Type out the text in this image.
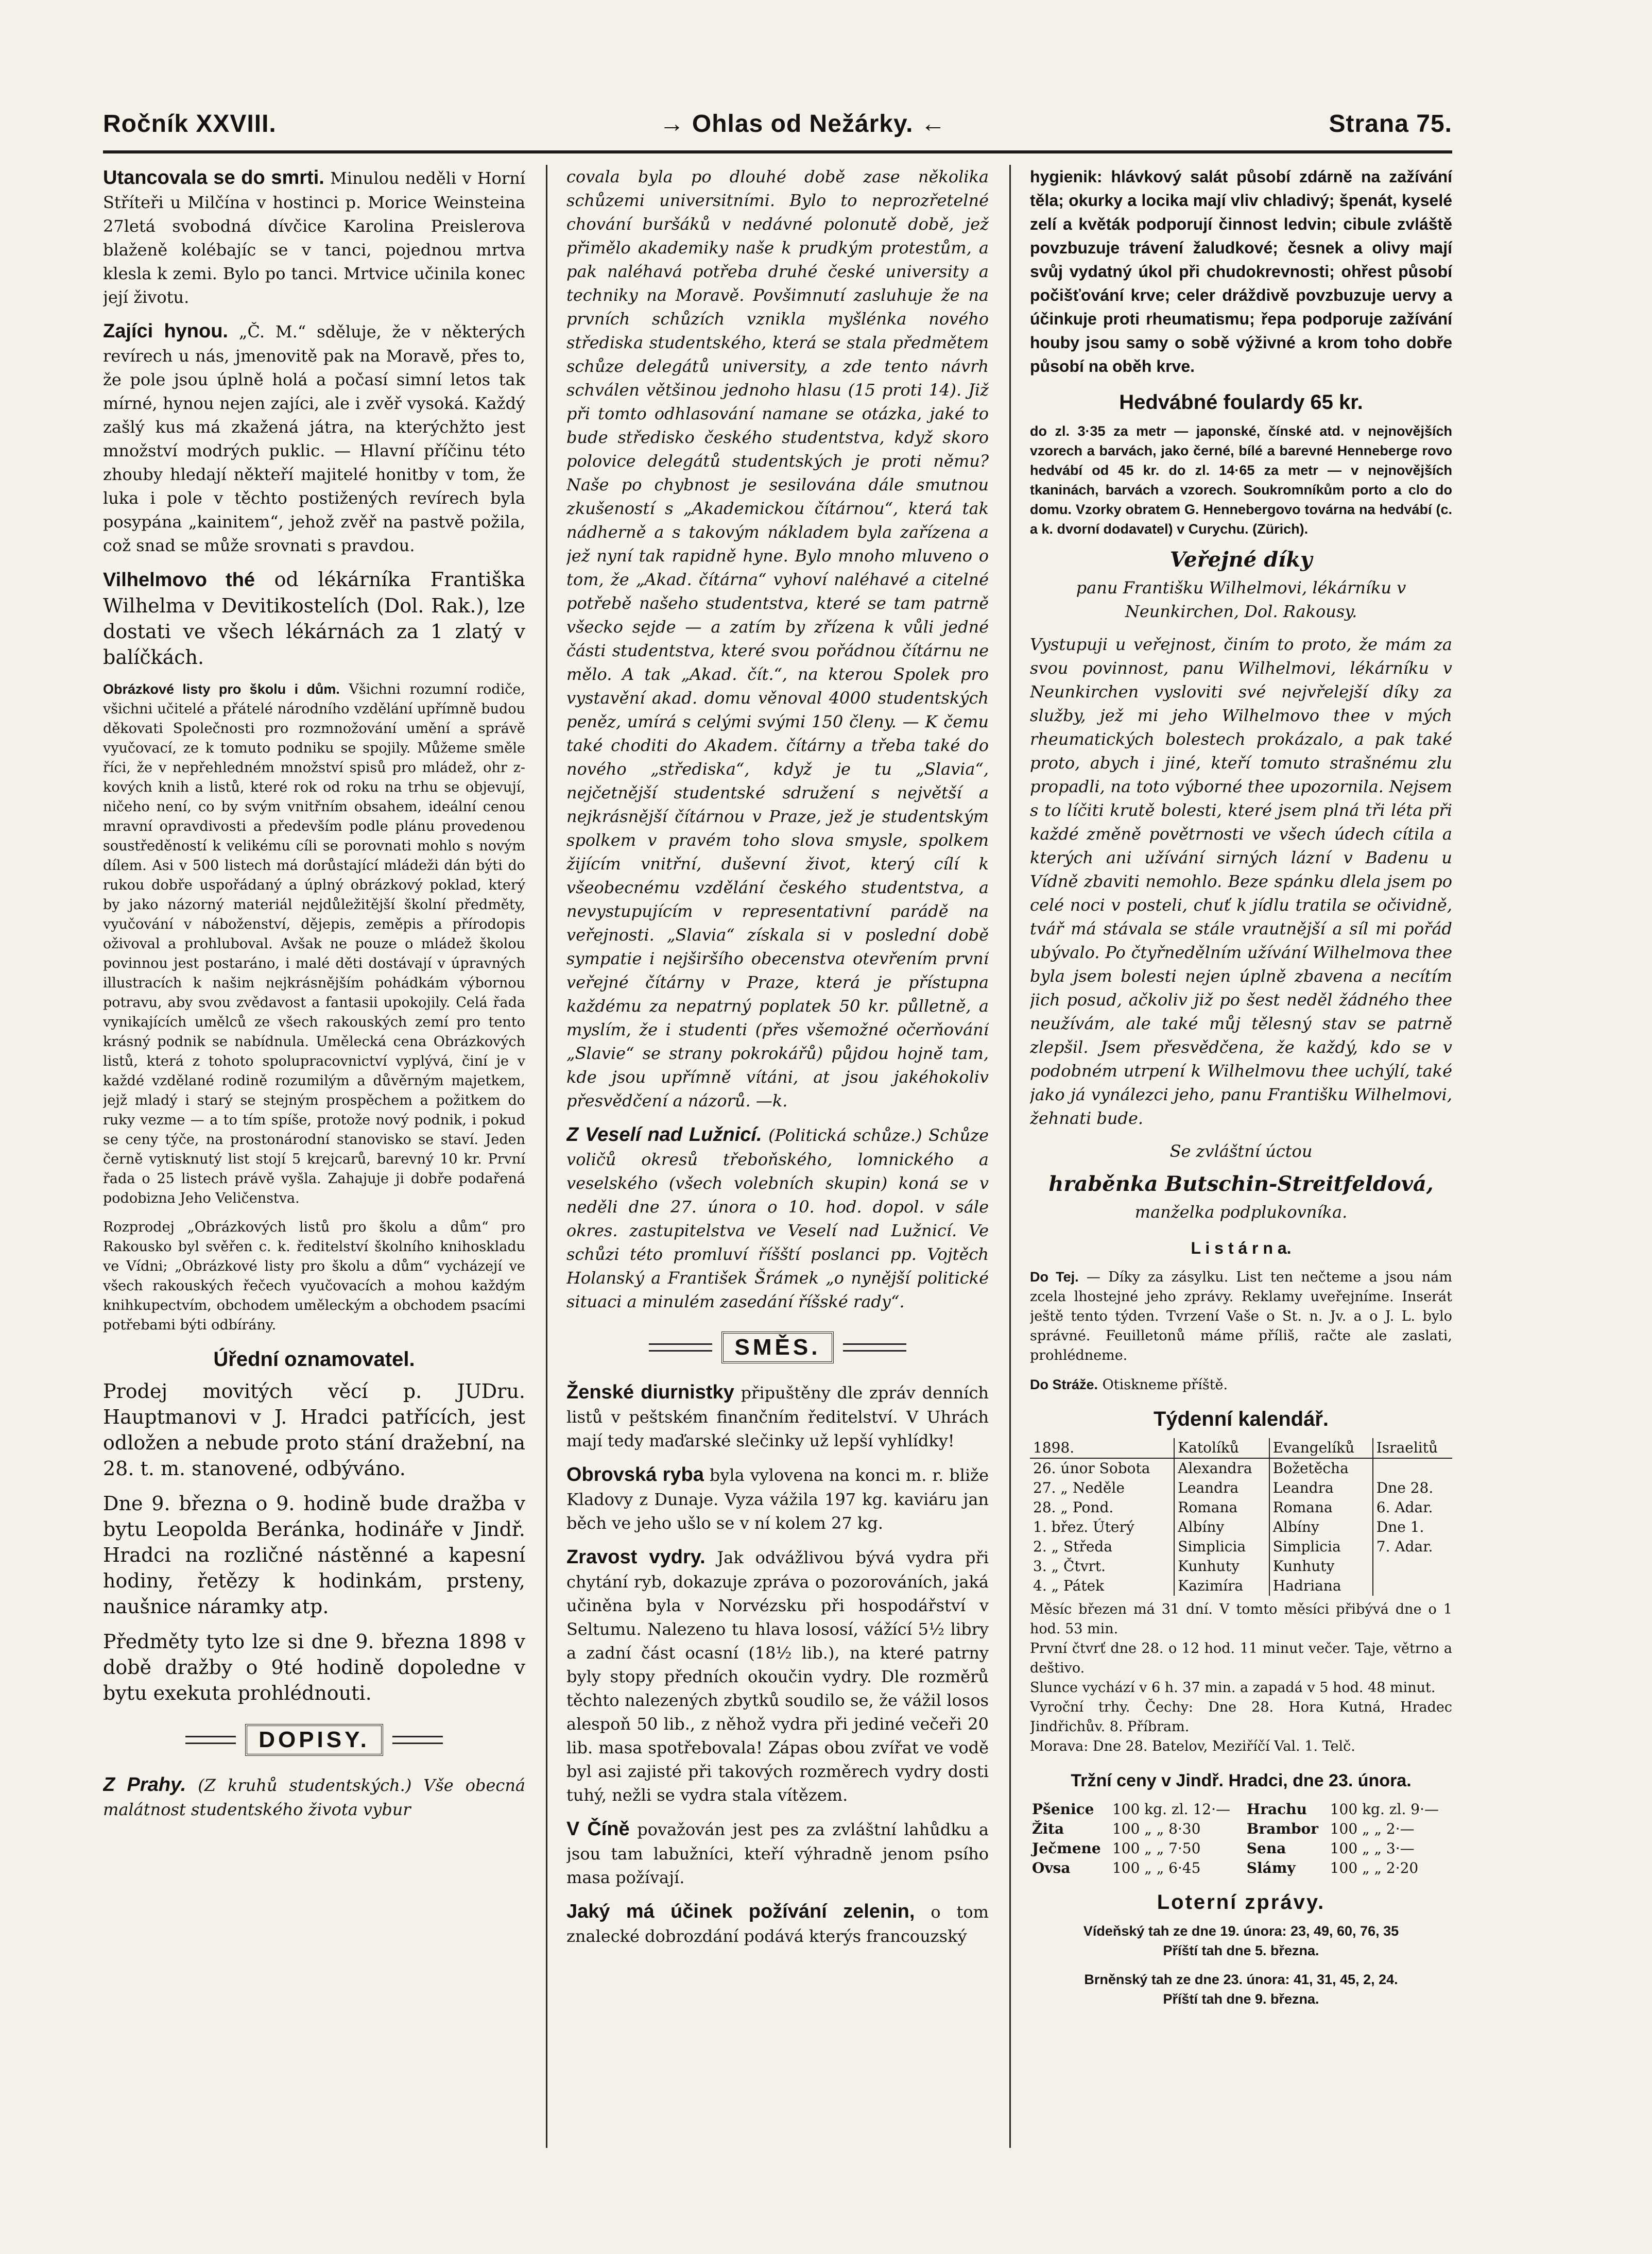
Ročník XXVIII.	→ Ohlas od Nežárky. ←	Strana 75.

Utancovala se do smrti. Minulou neděli v Horní Stříteři u Milčína v hostinci p. Morice Weinsteina 27letá svobodná dívčice Karolina Preislerova blaženě kolébajíc se v tanci, pojednou mrtva klesla k zemi. Bylo po tanci. Mrtvice učinila konec její životu.

Zajíci hynou. „Č. M.“ sděluje, že v některých revírech u nás, jmenovitě pak na Moravě, přes to, že pole jsou úplně holá a počasí simní letos tak mírné, hynou nejen zajíci, ale i zvěř vysoká. Každý zašlý kus má zkažená játra, na kterýchžto jest množství modrých puklic. — Hlavní příčinu této zhouby hledají někteří majitelé honitby v tom, že luka i pole v těchto postižených revírech byla posypána „kainitem“, jehož zvěř na pastvě požila, což snad se může srovnati s pravdou.

Vilhelmovo thé od lékárníka Františka Wilhelma v Devitikostelích (Dol. Rak.), lze dostati ve všech lékárnách za 1 zlatý v balíčkách.

Obrázkové listy pro školu i dům. Všichni rozumní rodiče, všichni učitelé a přátelé národního vzdělání upřímně budou děkovati Společnosti pro rozmnožování umění a správě vyučovací, ze k tomuto podniku se spojily. Můžeme směle říci, že v nepřehledném množství spisů pro mládež, ohr z-kových knih a listů, které rok od roku na trhu se objevují, ničeho není, co by svým vnitřním obsahem, ideální cenou mravní opravdivosti a především podle plánu provedenou soustředěností k velikému cíli se porovnati mohlo s novým dílem. Asi v 500 listech má dorůstající mládeži dán býti do rukou dobře uspořádaný a úplný obrázkový poklad, který by jako názorný materiál nejdůležitější školní předměty, vyučování v náboženství, dějepis, zeměpis a přírodopis oživoval a prohluboval. Avšak ne pouze o mládež školou povinnou jest postaráno, i malé děti dostávají v úpravných illustracích k našim nejkrásnějším pohádkám výbornou potravu, aby svou zvědavost a fantasii upokojily. Celá řada vynikajících umělců ze všech rakouských zemí pro tento krásný podnik se nabídnula. Umělecká cena Obrázkových listů, která z tohoto spolupracovnictví vyplývá, činí je v každé vzdělané rodině rozumilým a důvěrným majetkem, jejž mladý i starý se stejným prospěchem a požitkem do ruky vezme — a to tím spíše, protože nový podnik, i pokud se ceny týče, na prostonárodní stanovisko se staví. Jeden černě vytisknutý list stojí 5 krejcarů, barevný 10 kr. První řada o 25 listech právě vyšla. Zahajuje ji dobře podařená podobizna Jeho Veličenstva.

Rozprodej „Obrázkových listů pro školu a dům“ pro Rakousko byl svěřen c. k. ředitelství školního knihoskladu ve Vídni; „Obrázkové listy pro školu a dům“ vycházejí ve všech rakouských řečech vyučovacích a mohou každým knihkupectvím, obchodem uměleckým a obchodem psacími potřebami býti odbírány.

Úřední oznamovatel.

Prodej movitých věcí p. JUDru. Hauptmanovi v J. Hradci patřících, jest odložen a nebude proto stání dražební, na 28. t. m. stanovené, odbýváno.

Dne 9. března o 9. hodině bude dražba v bytu Leopolda Beránka, hodináře v Jindř. Hradci na rozličné nástěnné a kapesní hodiny, řetězy k hodinkám, prsteny, naušnice náramky atp.

Předměty tyto lze si dne 9. března 1898 v době dražby o 9té hodině dopoledne v bytu exekuta prohlédnouti.

DOPISY.

Z Prahy. (Z kruhů studentských.) Vše obecná malátnost studentského života vybur

covala byla po dlouhé době zase několika schůzemi universitními. Bylo to neprozřetelné chování buršáků v nedávné polonutě době, jež přimělo akademiky naše k prudkým protestům, a pak naléhavá potřeba druhé české university a techniky na Moravě. Povšimnutí zasluhuje že na prvních schůzích vznikla myšlénka nového střediska studentského, která se stala předmětem schůze delegátů university, a zde tento návrh schválen většinou jednoho hlasu (15 proti 14). Již při tomto odhlasování namane se otázka, jaké to bude středisko českého studentstva, když skoro polovice delegátů studentských je proti němu? Naše po chybnost je sesilována dále smutnou zkušeností s „Akademickou čítárnou“, která tak nádherně a s takovým nákladem byla zařízena a jež nyní tak rapidně hyne. Bylo mnoho mluveno o tom, že „Akad. čítárna“ vyhoví naléhavé a citelné potřebě našeho studentstva, které se tam patrně všecko sejde — a zatím by zřízena k vůli jedné části studentstva, které svou pořádnou čítárnu ne mělo. A tak „Akad. čít.“, na kterou Spolek pro vystavění akad. domu věnoval 4000 studentských peněz, umírá s celými svými 150 členy. — K čemu také choditi do Akadem. čítárny a třeba také do nového „střediska“, když je tu „Slavia“, nejčetnější studentské sdružení s největší a nejkrásnější čítárnou v Praze, jež je studentským spolkem v pravém toho slova smysle, spolkem žijícím vnitřní, duševní život, který cílí k všeobecnému vzdělání českého studentstva, a nevystupujícím v representativní parádě na veřejnosti. „Slavia“ získala si v poslední době sympatie i nejširšího obecenstva otevřením první veřejné čítárny v Praze, která je přístupna každému za nepatrný poplatek 50 kr. půlletně, a myslím, že i studenti (přes všemožné očerňování „Slavie“ se strany pokrokářů) půjdou hojně tam, kde jsou upřímně vítáni, at jsou jakéhokoliv přesvědčení a názorů. —k.

Z Veselí nad Lužnicí. (Politická schůze.) Schůze voličů okresů třeboňského, lomnického a veselského (všech volebních skupin) koná se v neděli dne 27. února o 10. hod. dopol. v sále okres. zastupitelstva ve Veselí nad Lužnicí. Ve schůzi této promluví říšští poslanci pp. Vojtěch Holanský a František Šrámek „o nynější politické situaci a minulém zasedání říšské rady“.

SMĚS.

Ženské diurnistky připuštěny dle zpráv denních listů v peštském finančním ředitelství. V Uhrách mají tedy maďarské slečinky už lepší vyhlídky!

Obrovská ryba byla vylovena na konci m. r. bliže Kladovy z Dunaje. Vyza vážila 197 kg. kaviáru jan běch ve jeho ušlo se v ní kolem 27 kg.

Zravost vydry. Jak odvážlivou bývá vydra při chytání ryb, dokazuje zpráva o pozorováních, jaká učiněna byla v Norvézsku při hospodářství v Seltumu. Nalezeno tu hlava lososí, vážící 5½ libry a zadní část ocasní (18½ lib.), na které patrny byly stopy předních okoučin vydry. Dle rozměrů těchto nalezených zbytků soudilo se, že vážil losos alespoň 50 lib., z něhož vydra při jediné večeři 20 lib. masa spotřebovala! Zápas obou zvířat ve vodě byl asi zajisté při takových rozměrech vydry dosti tuhý, nežli se vydra stala vítězem.

V Číně považován jest pes za zvláštní lahůdku a jsou tam labužníci, kteří výhradně jenom psího masa požívají.

Jaký má účinek požívání zelenin, o tom znalecké dobrozdání podává kterýs francouzský

hygienik: hlávkový salát působí zdárně na zažívání těla; okurky a locika mají vliv chladivý; špenát, kyselé zelí a květák podporují činnost ledvin; cibule zvláště povzbuzuje trávení žaludkové; česnek a olivy mají svůj vydatný úkol při chudokrevnosti; ohřest působí počišťování krve; celer dráždivě povzbuzuje uervy a účinkuje proti rheumatismu; řepa podporuje zažívání houby jsou samy o sobě výživné a krom toho dobře působí na oběh krve.

Hedvábné foulardy 65 kr.

do zl. 3·35 za metr — japonské, čínské atd. v nejnovějších vzorech a barvách, jako černé, bílé a barevné Henneberge rovo hedvábí od 45 kr. do zl. 14·65 za metr — v nejnovějších tkaninách, barvách a vzorech. Soukromníkům porto a clo do domu. Vzorky obratem G. Hennebergovo továrna na hedvábí (c. a k. dvorní dodavatel) v Curychu. (Zürich).

Veřejné díky

panu Františku Wilhelmovi, lékárníku v Neunkirchen, Dol. Rakousy.

Vystupuji u veřejnost, činím to proto, že mám za svou povinnost, panu Wilhelmovi, lékárníku v Neunkirchen vysloviti své nejvřelejší díky za služby, jež mi jeho Wilhelmovo thee v mých rheumatických bolestech prokázalo, a pak také proto, abych i jiné, kteří tomuto strašnému zlu propadli, na toto výborné thee upozornila. Nejsem s to líčiti krutě bolesti, které jsem plná tři léta při každé změně povětrnosti ve všech údech cítila a kterých ani užívání sirných lázní v Badenu u Vídně zbaviti nemohlo. Beze spánku dlela jsem po celé noci v posteli, chuť k jídlu tratila se očividně, tvář má stávala se stále vrautnější a síl mi pořád ubývalo. Po čtyřnedělním užívání Wilhelmova thee byla jsem bolesti nejen úplně zbavena a necítím jich posud, ačkoliv již po šest neděl žádného thee neužívám, ale také můj tělesný stav se patrně zlepšil. Jsem přesvědčena, že každý, kdo se v podobném utrpení k Wilhelmovu thee uchýlí, také jako já vynálezci jeho, panu Františku Wilhelmovi, žehnati bude.

Se zvláštní úctou

hraběnka Butschin-Streitfeldová,

manželka podplukovníka.

L i s t á r n a.

Do Tej. — Díky za zásylku. List ten nečteme a jsou nám zcela lhostejné jeho zprávy. Reklamy uveřejníme. Inserát ještě tento týden. Tvrzení Vaše o St. n. Jv. a o J. L. bylo správné. Feuilletonů máme příliš, račte ale zaslati, prohlédneme.

Do Stráže. Otiskneme příště.

Týdenní kalendář.
1898.	Katolíků	Evangelíků	Israelitů
26. únor Sobota	Alexandra	Božetěcha	
27. „ Neděle	Leandra	Leandra	Dne 28.
28. „ Pond.	Romana	Romana	6. Adar.
1. břez. Úterý	Albíny	Albíny	Dne 1.
2. „ Středa	Simplicia	Simplicia	7. Adar.
3. „ Čtvrt.	Kunhuty	Kunhuty	
4. „ Pátek	Kazimíra	Hadriana	
Měsíc březen má 31 dní. V tomto měsíci přibývá dne o 1 hod. 53 min.
První čtvrť dne 28. o 12 hod. 11 minut večer. Taje, větrno a deštivo.
Slunce vychází v 6 h. 37 min. a zapadá v 5 hod. 48 minut.
Vyroční trhy. Čechy: Dne 28. Hora Kutná, Hradec Jindřichův. 8. Příbram.
Morava: Dne 28. Batelov, Meziříčí Val. 1. Telč.
Tržní ceny v Jindř. Hradci, dne 23. února.
Pšenice	100 kg. zl. 12·—	Hrachu	100 kg. zl. 9·—
Žita	100 „ „ 8·30	Brambor	100 „ „ 2·—
Ječmene	100 „ „ 7·50	Sena	100 „ „ 3·—
Ovsa	100 „ „ 6·45	Slámy	100 „ „ 2·20
Loterní zprávy.

Vídeňský tah ze dne 19. února: 23, 49, 60, 76, 35

Příští tah dne 5. března.

Brněnský tah ze dne 23. února: 41, 31, 45, 2, 24.

Příští tah dne 9. března.
